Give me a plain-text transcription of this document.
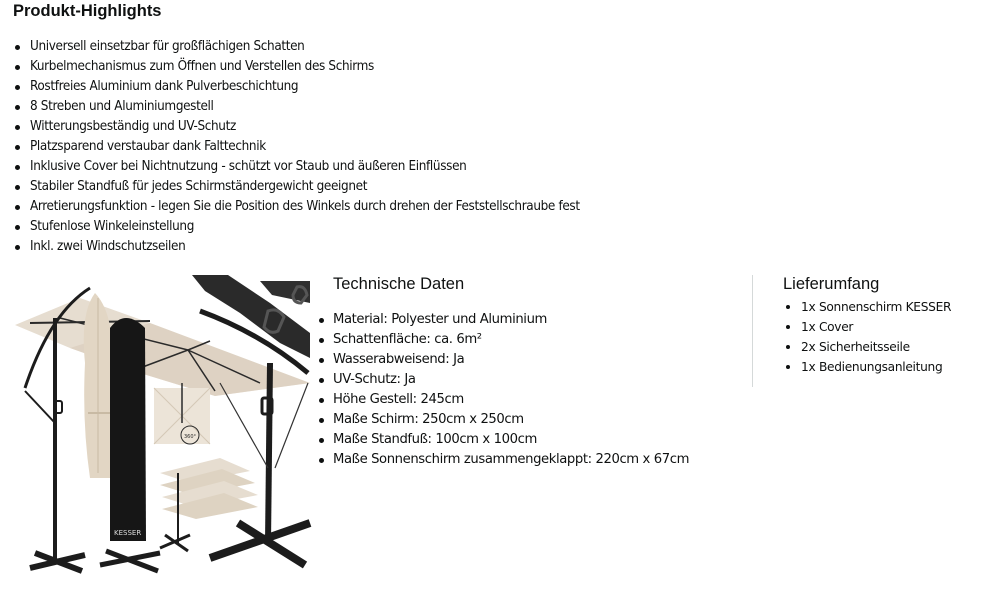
Produkt-Highlights
Universell einsetzbar für großflächigen Schatten
Kurbelmechanismus zum Öffnen und Verstellen des Schirms
Rostfreies Aluminium dank Pulverbeschichtung
8 Streben und Aluminiumgestell
Witterungsbeständig und UV-Schutz
Platzsparend verstaubar dank Falttechnik
Inklusive Cover bei Nichtnutzung - schützt vor Staub und äußeren Einflüssen
Stabiler Standfuß für jedes Schirmständergewicht geeignet
Arretierungsfunktion - legen Sie die Position des Winkels durch drehen der Feststellschraube fest
Stufenlose Winkeleinstellung
Inkl. zwei Windschutzseilen
KESSER
360°
Technische Daten
Material: Polyester und Aluminium
Schattenfläche: ca. 6m²
Wasserabweisend: Ja
UV-Schutz: Ja
Höhe Gestell: 245cm
Maße Schirm: 250cm x 250cm
Maße Standfuß: 100cm x 100cm
Maße Sonnenschirm zusammengeklappt: 220cm x 67cm
Lieferumfang
1x Sonnenschirm KESSER
1x Cover
2x Sicherheitsseile
1x Bedienungsanleitung
